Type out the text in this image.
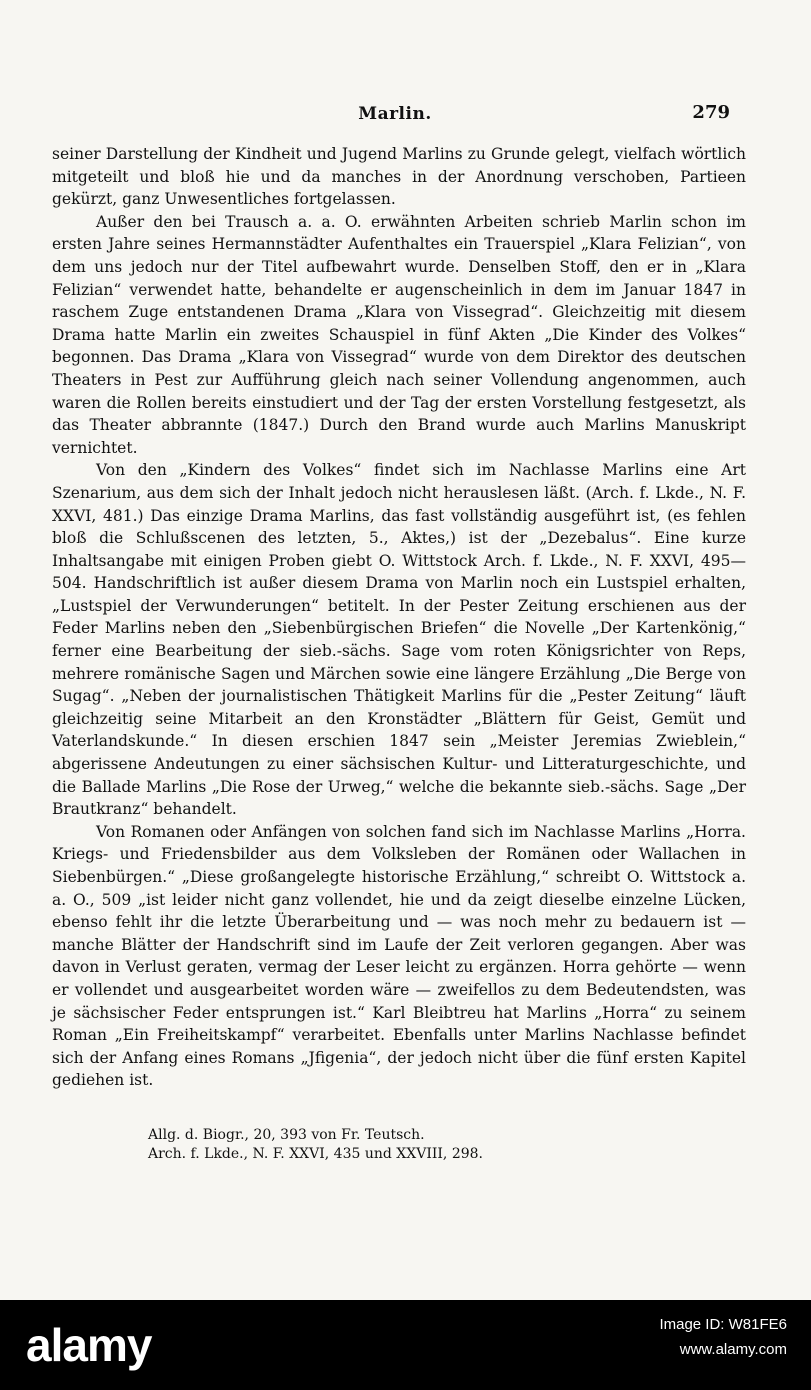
Marlin.	279

seiner Darstellung der Kindheit und Jugend Marlins zu Grunde gelegt, vielfach wörtlich mitgeteilt und bloß hie und da manches in der Anordnung verschoben, Partieen gekürzt, ganz Unwesentliches fortgelassen.

Außer den bei Trausch a. a. O. erwähnten Arbeiten schrieb Marlin schon im ersten Jahre seines Hermannstädter Aufenthaltes ein Trauerspiel „Klara Felizian“, von dem uns jedoch nur der Titel aufbewahrt wurde. Denselben Stoff, den er in „Klara Felizian“ verwendet hatte, behandelte er augenscheinlich in dem im Januar 1847 in raschem Zuge entstandenen Drama „Klara von Vissegrad“. Gleichzeitig mit diesem Drama hatte Marlin ein zweites Schauspiel in fünf Akten „Die Kinder des Volkes“ begonnen. Das Drama „Klara von Vissegrad“ wurde von dem Direktor des deutschen Theaters in Pest zur Aufführung gleich nach seiner Vollendung angenommen, auch waren die Rollen bereits einstudiert und der Tag der ersten Vorstellung festgesetzt, als das Theater abbrannte (1847.) Durch den Brand wurde auch Marlins Manuskript vernichtet.

Von den „Kindern des Volkes“ findet sich im Nachlasse Marlins eine Art Szenarium, aus dem sich der Inhalt jedoch nicht herauslesen läßt. (Arch. f. Lkde., N. F. XXVI, 481.) Das einzige Drama Marlins, das fast vollständig ausgeführt ist, (es fehlen bloß die Schlußscenen des letzten, 5., Aktes,) ist der „Dezebalus“. Eine kurze Inhaltsangabe mit einigen Proben giebt O. Wittstock Arch. f. Lkde., N. F. XXVI, 495—504. Handschriftlich ist außer diesem Drama von Marlin noch ein Lustspiel erhalten, „Lustspiel der Verwunderungen“ betitelt. In der Pester Zeitung erschienen aus der Feder Marlins neben den „Siebenbürgischen Briefen“ die Novelle „Der Kartenkönig,“ ferner eine Bearbeitung der sieb.-sächs. Sage vom roten Königsrichter von Reps, mehrere romänische Sagen und Märchen sowie eine längere Erzählung „Die Berge von Sugag“. „Neben der journalistischen Thätigkeit Marlins für die „Pester Zeitung“ läuft gleichzeitig seine Mitarbeit an den Kronstädter „Blättern für Geist, Gemüt und Vaterlandskunde.“ In diesen erschien 1847 sein „Meister Jeremias Zwieblein,“ abgerissene Andeutungen zu einer sächsischen Kultur- und Litteraturgeschichte, und die Ballade Marlins „Die Rose der Urweg,“ welche die bekannte sieb.-sächs. Sage „Der Brautkranz“ behandelt.

Von Romanen oder Anfängen von solchen fand sich im Nachlasse Marlins „Horra. Kriegs- und Friedensbilder aus dem Volksleben der Romänen oder Wallachen in Siebenbürgen.“ „Diese großangelegte historische Erzählung,“ schreibt O. Wittstock a. a. O., 509 „ist leider nicht ganz vollendet, hie und da zeigt dieselbe einzelne Lücken, ebenso fehlt ihr die letzte Überarbeitung und — was noch mehr zu bedauern ist — manche Blätter der Handschrift sind im Laufe der Zeit verloren gegangen. Aber was davon in Verlust geraten, vermag der Leser leicht zu ergänzen. Horra gehörte — wenn er vollendet und ausgearbeitet worden wäre — zweifellos zu dem Bedeutendsten, was je sächsischer Feder entsprungen ist.“ Karl Bleibtreu hat Marlins „Horra“ zu seinem Roman „Ein Freiheitskampf“ verarbeitet. Ebenfalls unter Marlins Nachlasse befindet sich der Anfang eines Romans „Jfigenia“, der jedoch nicht über die fünf ersten Kapitel gediehen ist.

Allg. d. Biogr., 20, 393 von Fr. Teutsch.
Arch. f. Lkde., N. F. XXVI, 435 und XXVIII, 298.
alamy	Image ID: W81FE6
www.alamy.com
